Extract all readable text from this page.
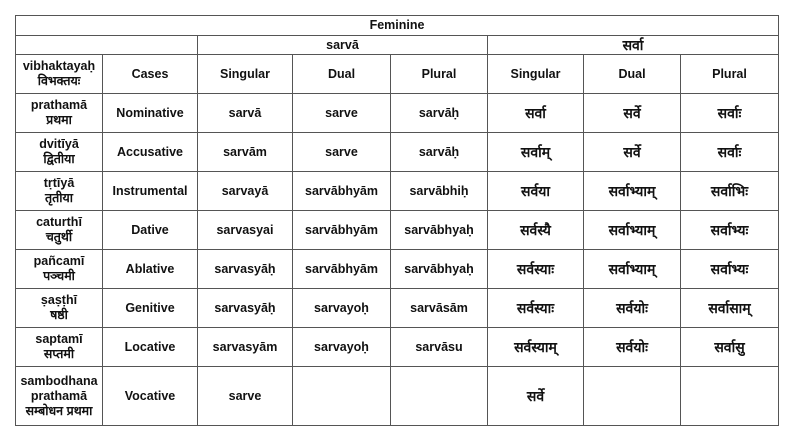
Feminine							
		sarvā			सर्वा		

vibhaktayaḥ
विभक्तयः	Cases	Singular	Dual	Plural	Singular	Dual	Plural

prathamā
प्रथमा	Nominative	sarvā	sarve	sarvāḥ	सर्वा	सर्वे	सर्वाः

dvitīyā
द्वितीया	Accusative	sarvām	sarve	sarvāḥ	सर्वाम्	सर्वे	सर्वाः

tṛtīyā
तृतीया	Instrumental	sarvayā	sarvābhyām	sarvābhiḥ	सर्वया	सर्वाभ्याम्	सर्वाभिः

caturthī
चतुर्थी	Dative	sarvasyai	sarvābhyām	sarvābhyaḥ	सर्वस्यै	सर्वाभ्याम्	सर्वाभ्यः

pañcamī
पञ्चमी	Ablative	sarvasyāḥ	sarvābhyām	sarvābhyaḥ	सर्वस्याः	सर्वाभ्याम्	सर्वाभ्यः

ṣaṣṭhī
षष्ठी	Genitive	sarvasyāḥ	sarvayoḥ	sarvāsām	सर्वस्याः	सर्वयोः	सर्वासाम्

saptamī
सप्तमी	Locative	sarvasyām	sarvayoḥ	sarvāsu	सर्वस्याम्	सर्वयोः	सर्वासु

sambodhana
prathamā
सम्बोधन प्रथमा	Vocative	sarve			सर्वे		
